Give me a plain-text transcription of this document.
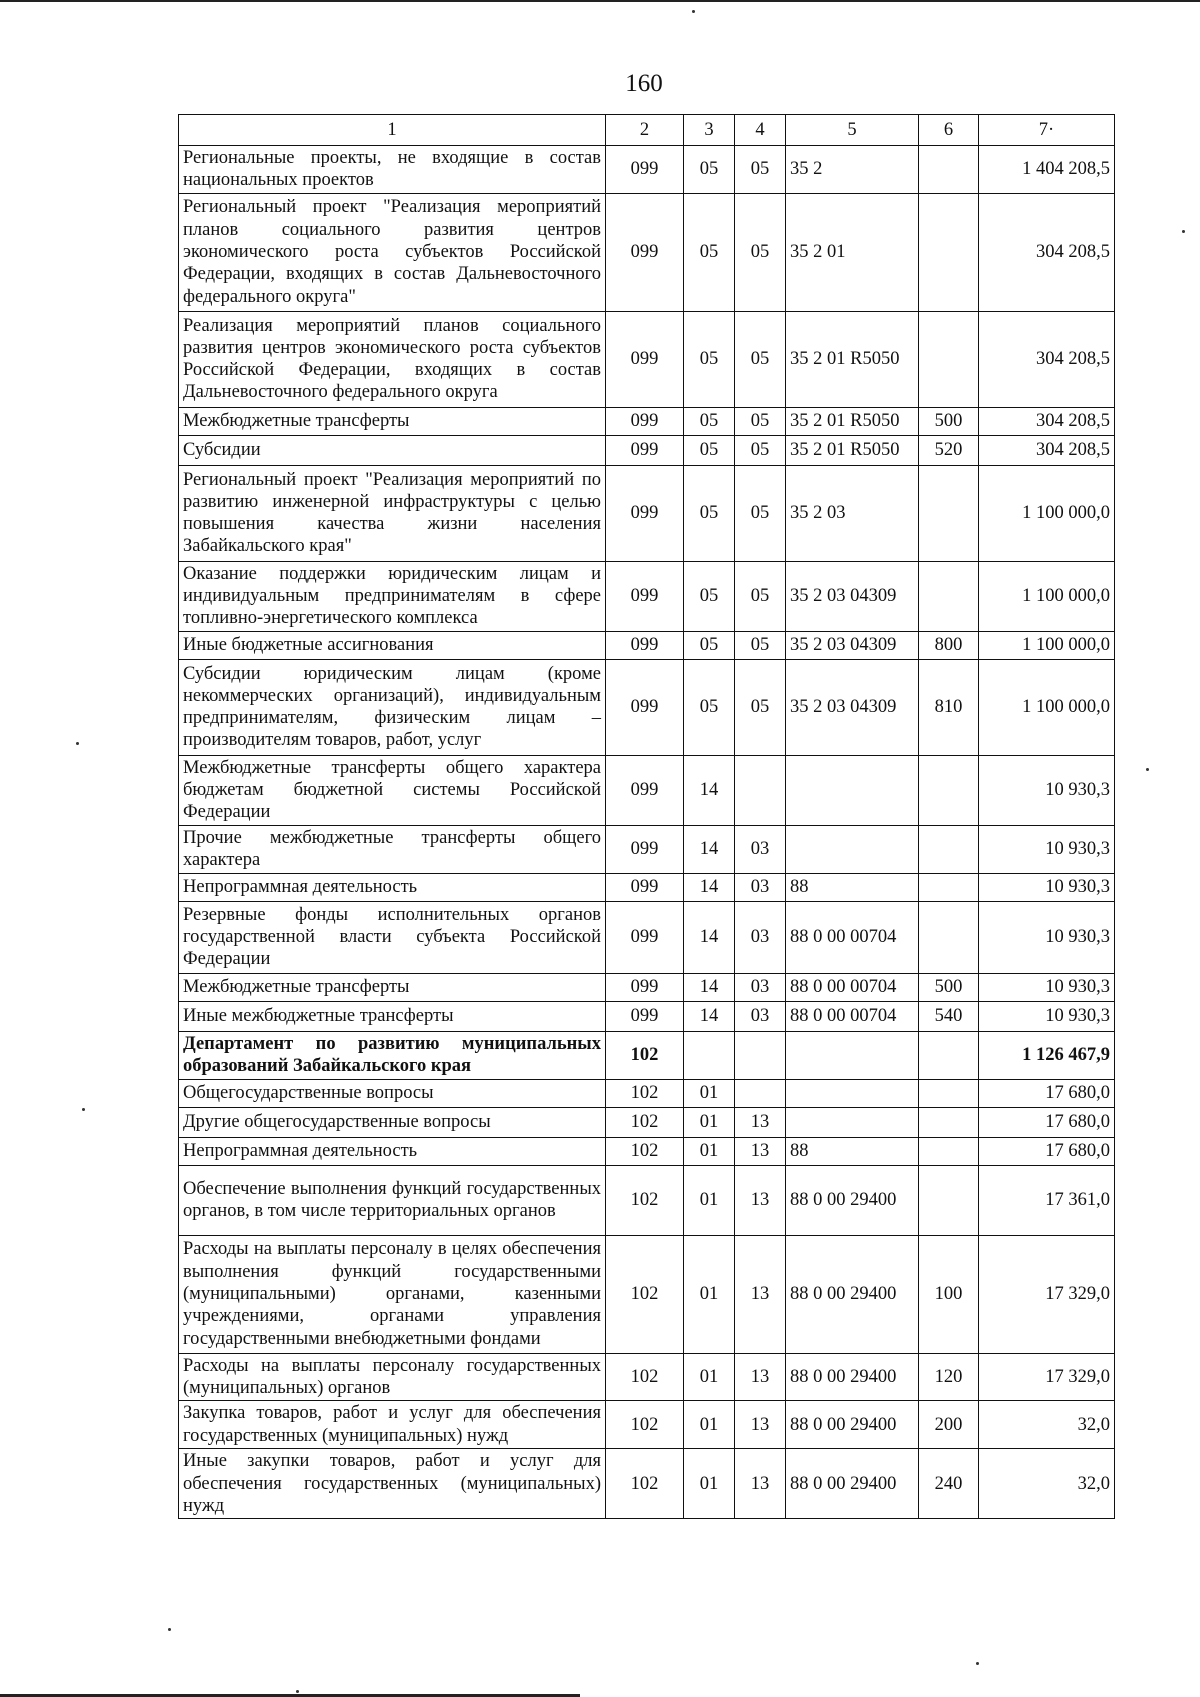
160
1	2	3	4	5	6	7·
Региональные проекты, не входящие в состав национальных проектов	099	05	05	35 2		1 404 208,5
Региональный проект "Реализация мероприятий планов социального развития центров экономического роста субъектов Российской Федерации, входящих в состав Дальневосточного федерального округа"	099	05	05	35 2 01		304 208,5
Реализация мероприятий планов социального развития центров экономического роста субъектов Российской Федерации, входящих в состав Дальневосточного федерального округа	099	05	05	35 2 01 R5050		304 208,5
Межбюджетные трансферты	099	05	05	35 2 01 R5050	500	304 208,5
Субсидии	099	05	05	35 2 01 R5050	520	304 208,5
Региональный проект "Реализация мероприятий по развитию инженерной инфраструктуры с целью повышения качества жизни населения Забайкальского края"	099	05	05	35 2 03		1 100 000,0
Оказание поддержки юридическим лицам и индивидуальным предпринимателям в сфере топливно-энергетического комплекса	099	05	05	35 2 03 04309		1 100 000,0
Иные бюджетные ассигнования	099	05	05	35 2 03 04309	800	1 100 000,0
Субсидии юридическим лицам (кроме некоммерческих организаций), индивидуальным предпринимателям, физическим лицам – производителям товаров, работ, услуг	099	05	05	35 2 03 04309	810	1 100 000,0
Межбюджетные трансферты общего характера бюджетам бюджетной системы Российской Федерации	099	14				10 930,3
Прочие межбюджетные трансферты общего характера	099	14	03			10 930,3
Непрограммная деятельность	099	14	03	88		10 930,3
Резервные фонды исполнительных органов государственной власти субъекта Российской Федерации	099	14	03	88 0 00 00704		10 930,3
Межбюджетные трансферты	099	14	03	88 0 00 00704	500	10 930,3
Иные межбюджетные трансферты	099	14	03	88 0 00 00704	540	10 930,3
Департамент по развитию муниципальных образований Забайкальского края	102					1 126 467,9
Общегосударственные вопросы	102	01				17 680,0
Другие общегосударственные вопросы	102	01	13			17 680,0
Непрограммная деятельность	102	01	13	88		17 680,0
Обеспечение выполнения функций государственных органов, в том числе территориальных органов	102	01	13	88 0 00 29400		17 361,0
Расходы на выплаты персоналу в целях обеспечения выполнения функций государственными (муниципальными) органами, казенными учреждениями, органами управления государственными внебюджетными фондами	102	01	13	88 0 00 29400	100	17 329,0
Расходы на выплаты персоналу государственных (муниципальных) органов	102	01	13	88 0 00 29400	120	17 329,0
Закупка товаров, работ и услуг для обеспечения государственных (муниципальных) нужд	102	01	13	88 0 00 29400	200	32,0
Иные закупки товаров, работ и услуг для обеспечения государственных (муниципальных) нужд	102	01	13	88 0 00 29400	240	32,0
